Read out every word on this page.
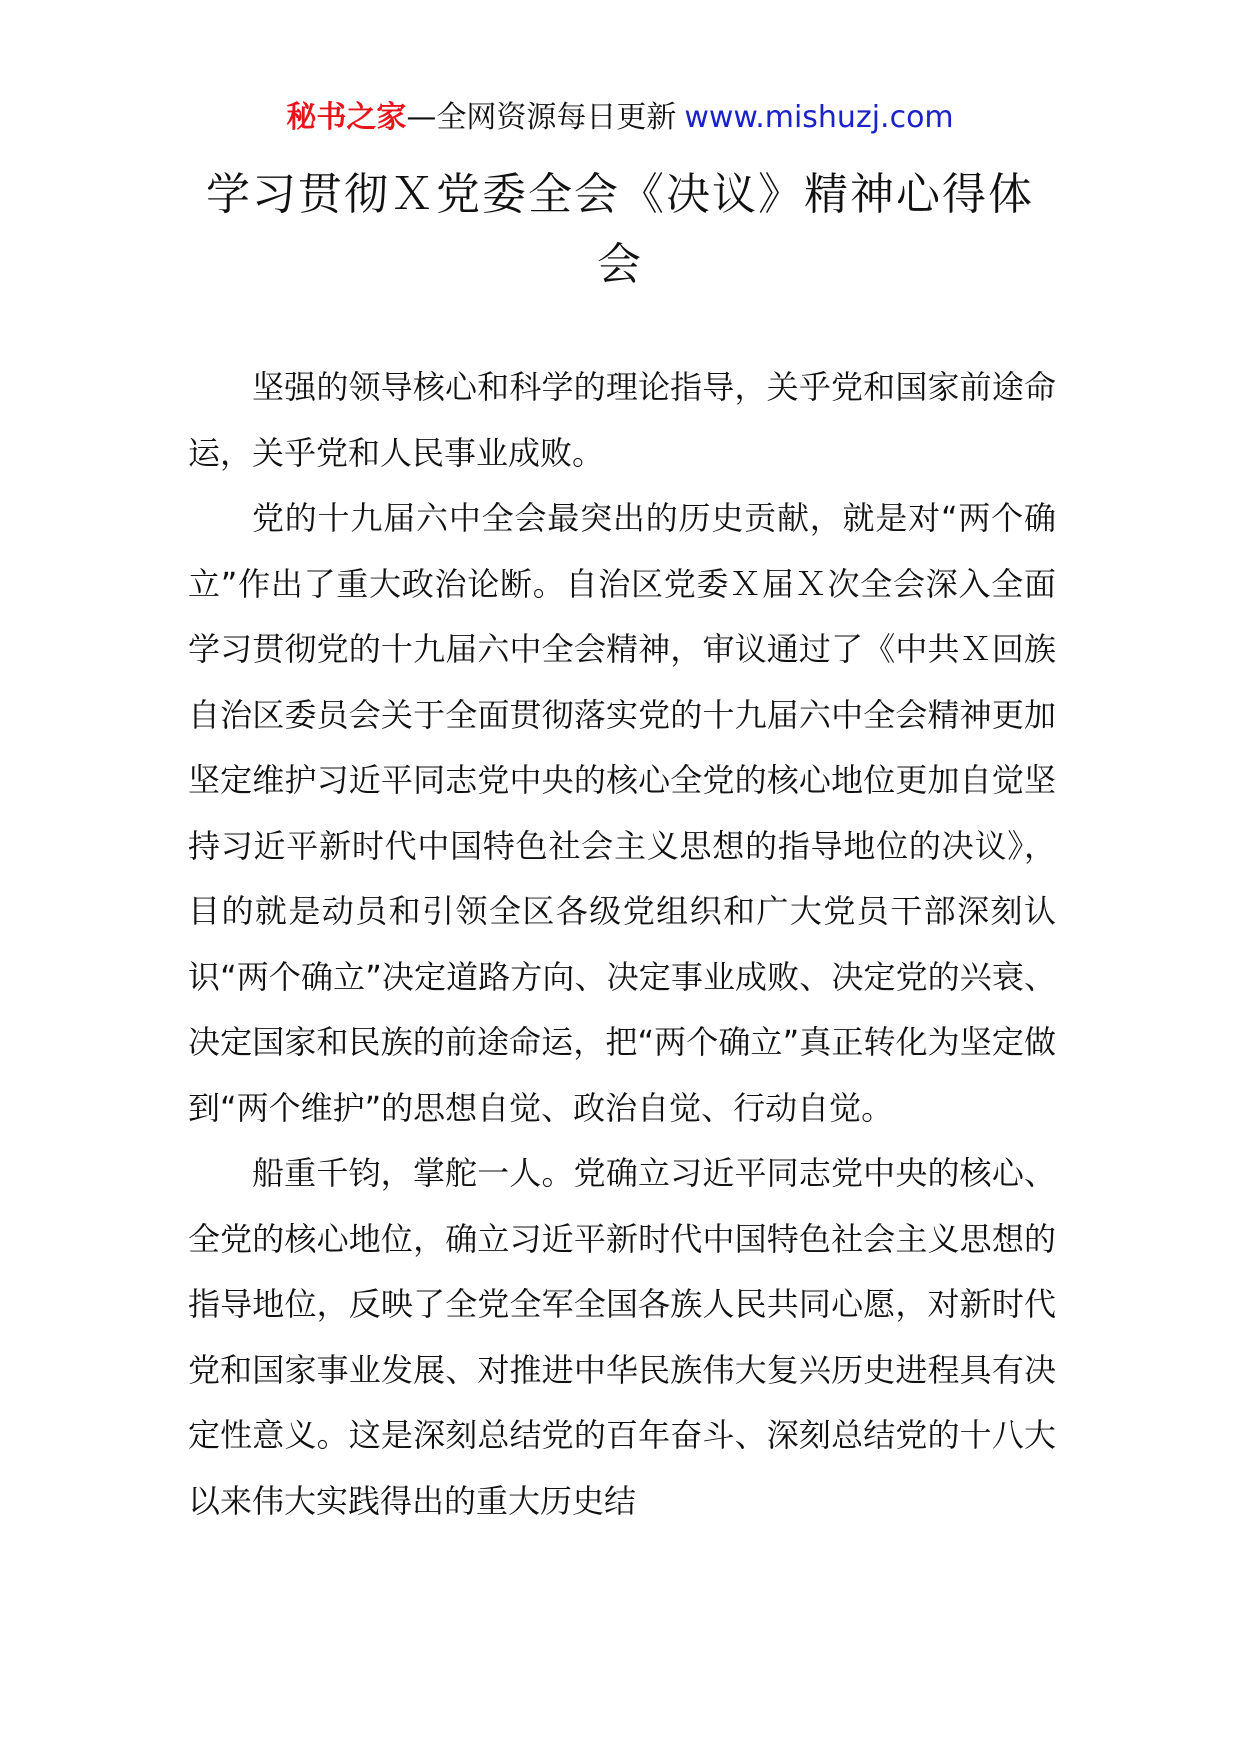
秘书之家—全网资源每日更新 www.mishuzj.com
学习贯彻Ｘ党委全会《决议》精神心得体会

坚强的领导核心和科学的理论指导，关乎党和国家前途命运，关乎党和人民事业成败。

党的十九届六中全会最突出的历史贡献，就是对“两个确立”作出了重大政治论断。自治区党委Ｘ届Ｘ次全会深入全面学习贯彻党的十九届六中全会精神，审议通过了《中共Ｘ回族自治区委员会关于全面贯彻落实党的十九届六中全会精神更加坚定维护习近平同志党中央的核心全党的核心地位更加自觉坚持习近平新时代中国特色社会主义思想的指导地位的决议》，目的就是动员和引领全区各级党组织和广大党员干部深刻认识“两个确立”决定道路方向、决定事业成败、决定党的兴衰、决定国家和民族的前途命运，把“两个确立”真正转化为坚定做到“两个维护”的思想自觉、政治自觉、行动自觉。

船重千钧，掌舵一人。党确立习近平同志党中央的核心、全党的核心地位，确立习近平新时代中国特色社会主义思想的指导地位，反映了全党全军全国各族人民共同心愿，对新时代党和国家事业发展、对推进中华民族伟大复兴历史进程具有决定性意义。这是深刻总结党的百年奋斗、深刻总结党的十八大以来伟大实践得出的重大历史结
